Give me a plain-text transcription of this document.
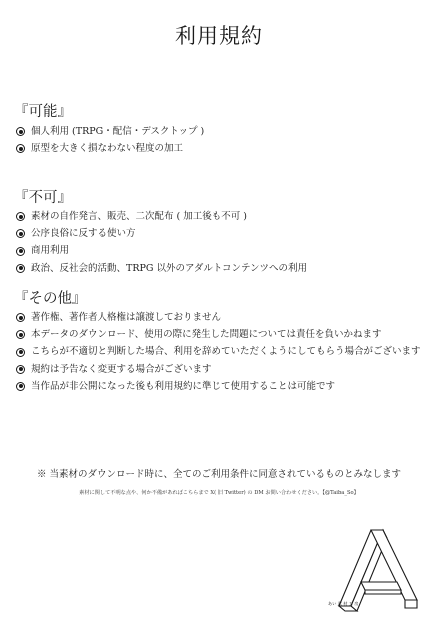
利用規約
『可能』
個人利用 (TRPG・配信・デスクトップ )
原型を大きく損なわない程度の加工
『不可』
素材の自作発言、販売、二次配布 ( 加工後も不可 )
公序良俗に反する使い方
商用利用
政治、反社会的活動、TRPG 以外のアダルトコンテンツへの利用
『その他』
著作権、著作者人格権は譲渡しておりません
本データのダウンロード、使用の際に発生した問題については責任を負いかねます
こちらが不適切と判断した場合、利用を辞めていただくようにしてもらう場合がございます
規約は予告なく変更する場合がございます
当作品が非公開になった後も利用規約に準じて使用することは可能です

※ 当素材のダウンロード時に、全てのご利用条件に同意されているものとみなします

素材に関して不明な点や、何か不備があればこちらまで X( 旧 Twitter) の DM お問い合わせください。【@Taiba_So】

あい 素 材 工 房
